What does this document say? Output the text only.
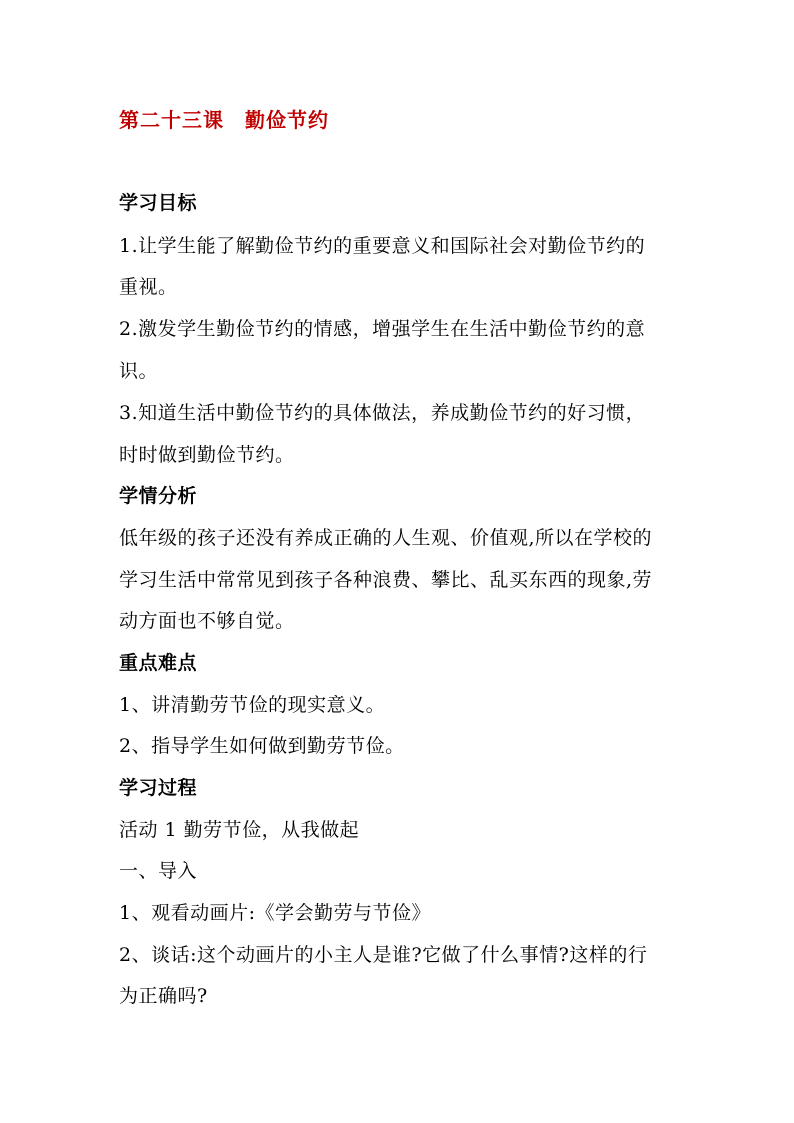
第二十三课　勤俭节约
学习目标
1.让学生能了解勤俭节约的重要意义和国际社会对勤俭节约的
重视。
2.激发学生勤俭节约的情感，增强学生在生活中勤俭节约的意
识。
3.知道生活中勤俭节约的具体做法，养成勤俭节约的好习惯，
时时做到勤俭节约。
学情分析
低年级的孩子还没有养成正确的人生观、价值观,所以在学校的
学习生活中常常见到孩子各种浪费、攀比、乱买东西的现象,劳
动方面也不够自觉。
重点难点
1、讲清勤劳节俭的现实意义。
2、指导学生如何做到勤劳节俭。
学习过程
活动 1 勤劳节俭，从我做起
一、导入
1、观看动画片:《学会勤劳与节俭》
2、谈话:这个动画片的小主人是谁?它做了什么事情?这样的行
为正确吗?
